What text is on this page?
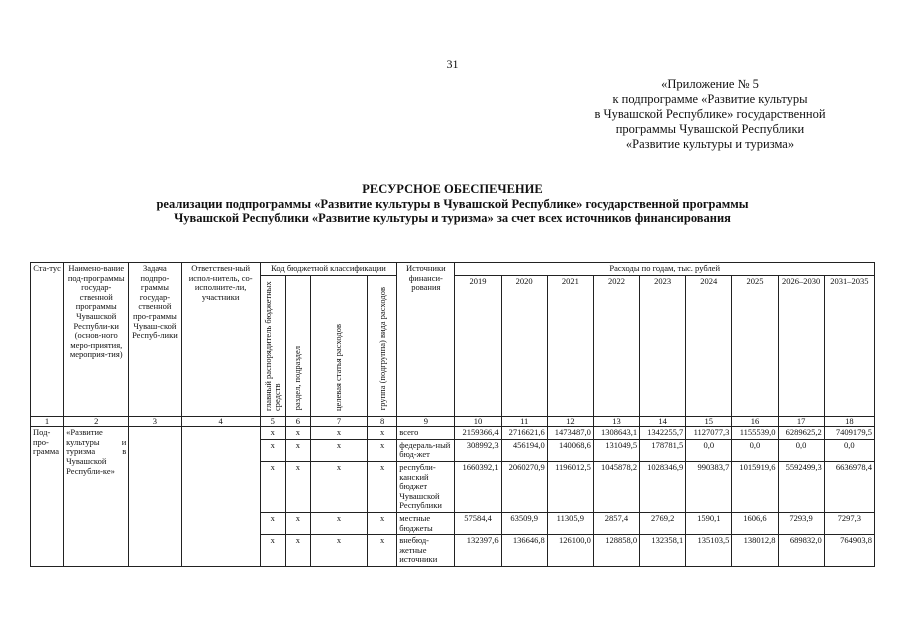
31
«Приложение № 5
к подпрограмме «Развитие культуры
в Чувашской Республике» государственной
программы Чувашской Республики
«Развитие культуры и туризма»
РЕСУРСНОЕ ОБЕСПЕЧЕНИЕ
реализации подпрограммы «Развитие культуры в Чувашской Республике» государственной программы
Чувашской Республики «Развитие культуры и туризма» за счет всех источников финансирования
Ста-тус	Наимено-вание под-программы государ-ственной программы Чувашской Республи-ки (основ-ного меро-приятия, мероприя-тия)	Задача подпро-граммы государ-ственной про-граммы Чуваш-ской Респуб-лики	Ответствен-ный испол-нитель, со-исполните-ли, участники	Код бюджетной классификации				Источники финанси-рования	Расходы по годам, тыс. рублей								
				главный распорядитель бюджетных средств	раздел, подраздел	целевая статья расходов	группа (подгруппа) вида расходов		2019	2020	2021	2022	2023	2024	2025	2026–2030	2031–2035
1	2	3	4	5	6	7	8	9	10	11	12	13	14	15	16	17	18
Под-про-грамма	«Развитие культуры и туризма в Чувашской Республи-ке»			x	x	x	x	всего	2159366,4	2716621,6	1473487,0	1308643,1	1342255,7	1127077,3	1155539,0	6289625,2	7409179,5
				x	x	x	x	федераль-ный бюд-жет	308992,3	456194,0	140068,6	131049,5	178781,5	0,0	0,0	0,0	0,0
				x	x	x	x	республи-канский бюджет Чувашской Республики	1660392,1	2060270,9	1196012,5	1045878,2	1028346,9	990383,7	1015919,6	5592499,3	6636978,4
				x	x	x	x	местные бюджеты	57584,4	63509,9	11305,9	2857,4	2769,2	1590,1	1606,6	7293,9	7297,3
				x	x	x	x	внебюд-жетные источники	132397,6	136646,8	126100,0	128858,0	132358,1	135103,5	138012,8	689832,0	764903,8
